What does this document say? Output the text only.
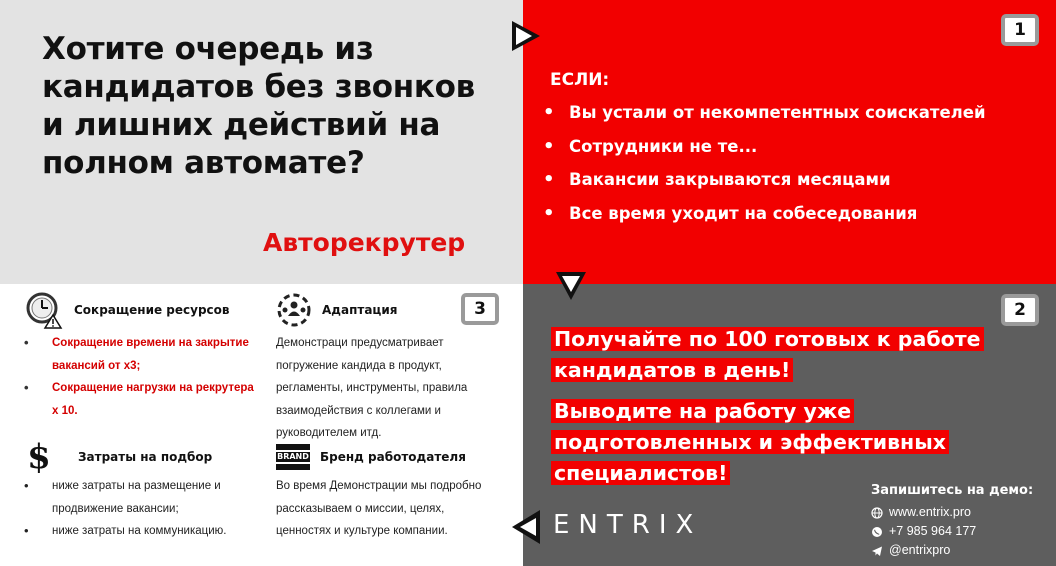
Хотите очередь из кандидатов без звонков и лишних действий на полном автомате?
Авторекрутер
1
ЕСЛИ:
• Вы устали от некомпетентных соискателей
• Сотрудники не те...
• Вакансии закрываются месяцами
• Все время уходит на собеседования
3
Сокращение ресурсов
• Сокращение времени на закрытие вакансий от х3;
• Сокращение нагрузки на рекрутера х 10.
Адаптация

Демонстраци предусматривает погружение кандида в продукт, регламенты, инструменты, правила взаимодействия с коллегами и руководителем итд.

$ Затраты на подбор
• ниже затраты на размещение и продвижение вакансии;
• ниже затраты на коммуникацию.
BRAND Бренд работодателя

Во время Демонстрации мы подробно рассказываем о миссии, целях, ценностях и культуре компании.

2
Получайте по 100 готовых к работе кандидатов в день!
Выводите на работу уже подготовленных и эффективных специалистов!
ENTRIX
Запишитесь на демо:
www.entrix.pro
+7 985 964 177
@entrixpro
